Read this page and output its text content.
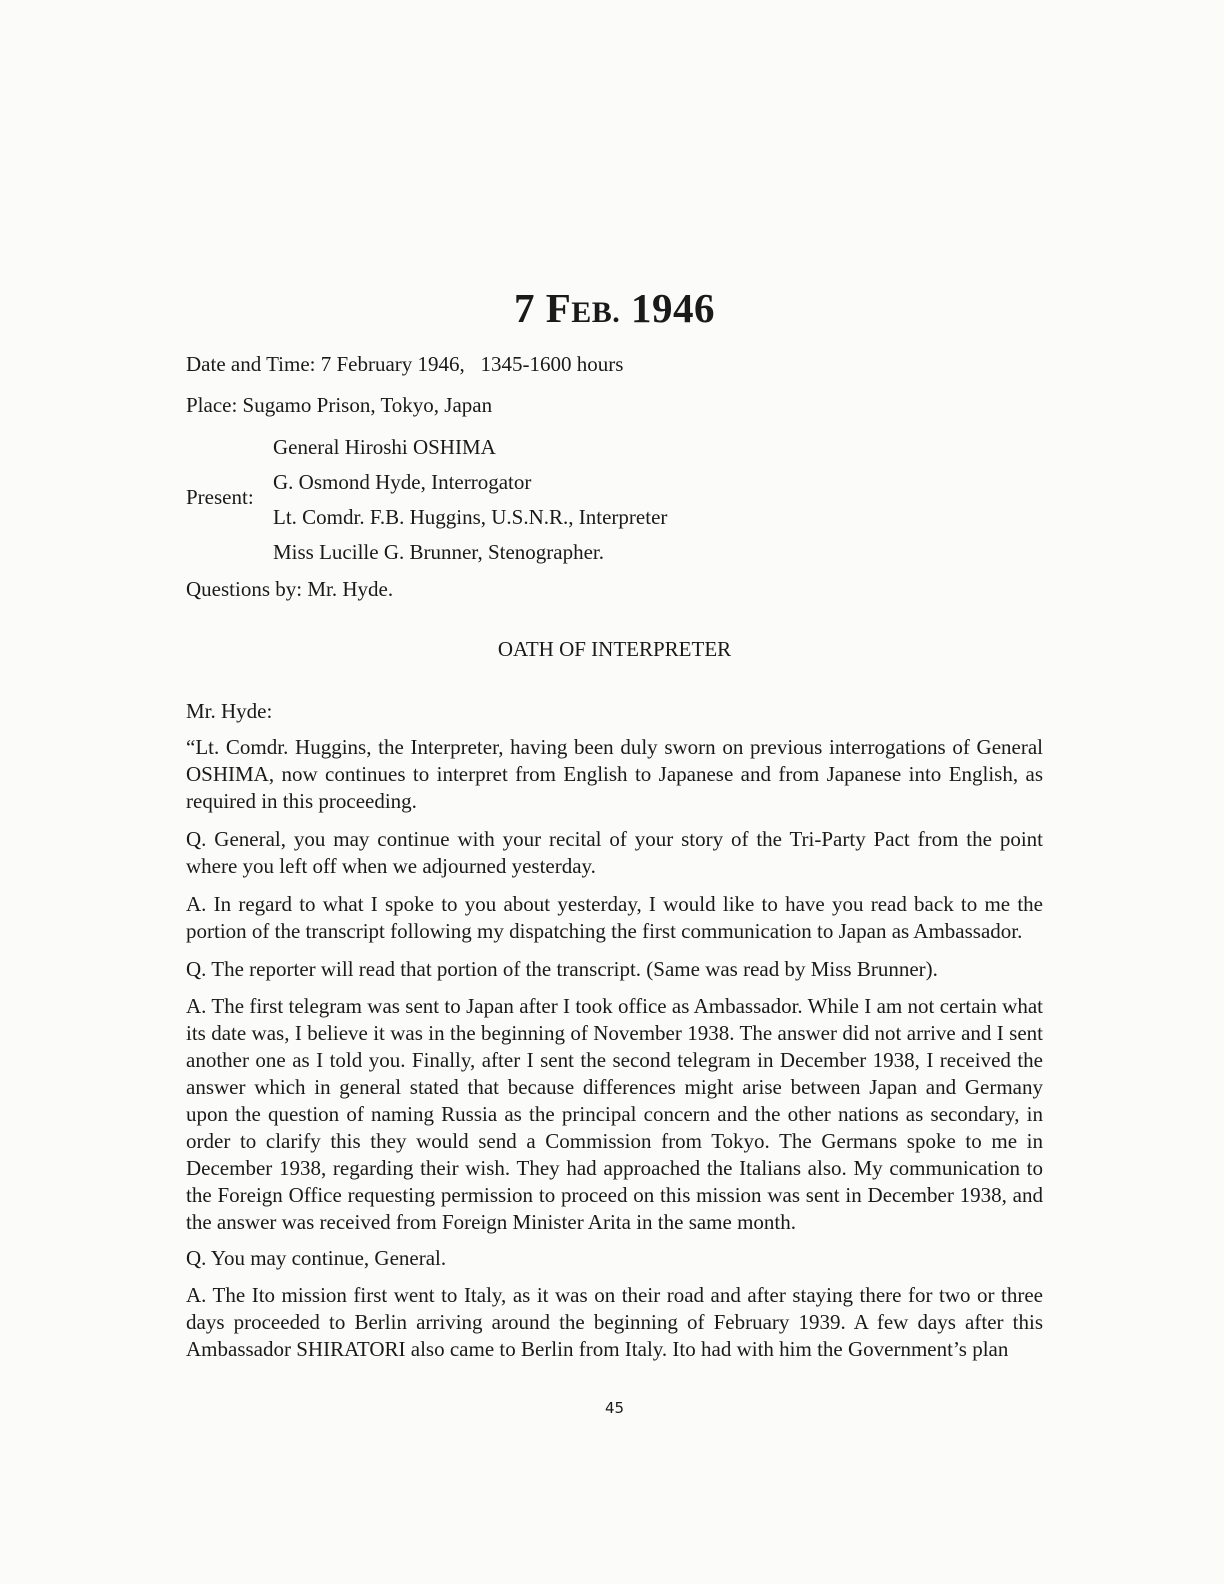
7 FEB. 1946
Date and Time: 7 February 1946,   1345-1600 hours
Place: Sugamo Prison, Tokyo, Japan
Present:
General Hiroshi OSHIMA
G. Osmond Hyde, Interrogator
Lt. Comdr. F.B. Huggins, U.S.N.R., Interpreter
Miss Lucille G. Brunner, Stenographer.
Questions by: Mr. Hyde.
OATH OF INTERPRETER
Mr. Hyde:
“Lt. Comdr. Huggins, the Interpreter, having been duly sworn on previous interrogations of General OSHIMA, now continues to interpret from English to Japanese and from Japanese into English, as required in this proceeding.
Q. General, you may continue with your recital of your story of the Tri-Party Pact from the point where you left off when we adjourned yesterday.
A. In regard to what I spoke to you about yesterday, I would like to have you read back to me the portion of the transcript following my dispatching the first communication to Japan as Ambassador.
Q. The reporter will read that portion of the transcript. (Same was read by Miss Brunner).
A. The first telegram was sent to Japan after I took office as Ambassador. While I am not certain what its date was, I believe it was in the beginning of November 1938. The answer did not arrive and I sent another one as I told you. Finally, after I sent the second telegram in December 1938, I received the answer which in general stated that because differences might arise between Japan and Germany upon the question of naming Russia as the principal concern and the other nations as secondary, in order to clarify this they would send a Commission from Tokyo. The Germans spoke to me in December 1938, regarding their wish. They had approached the Italians also. My communication to the Foreign Office requesting permission to proceed on this mission was sent in December 1938, and the answer was received from Foreign Minister Arita in the same month.
Q. You may continue, General.
A. The Ito mission first went to Italy, as it was on their road and after staying there for two or three days proceeded to Berlin arriving around the beginning of February 1939. A few days after this Ambassador SHIRATORI also came to Berlin from Italy. Ito had with him the Government’s plan
45
